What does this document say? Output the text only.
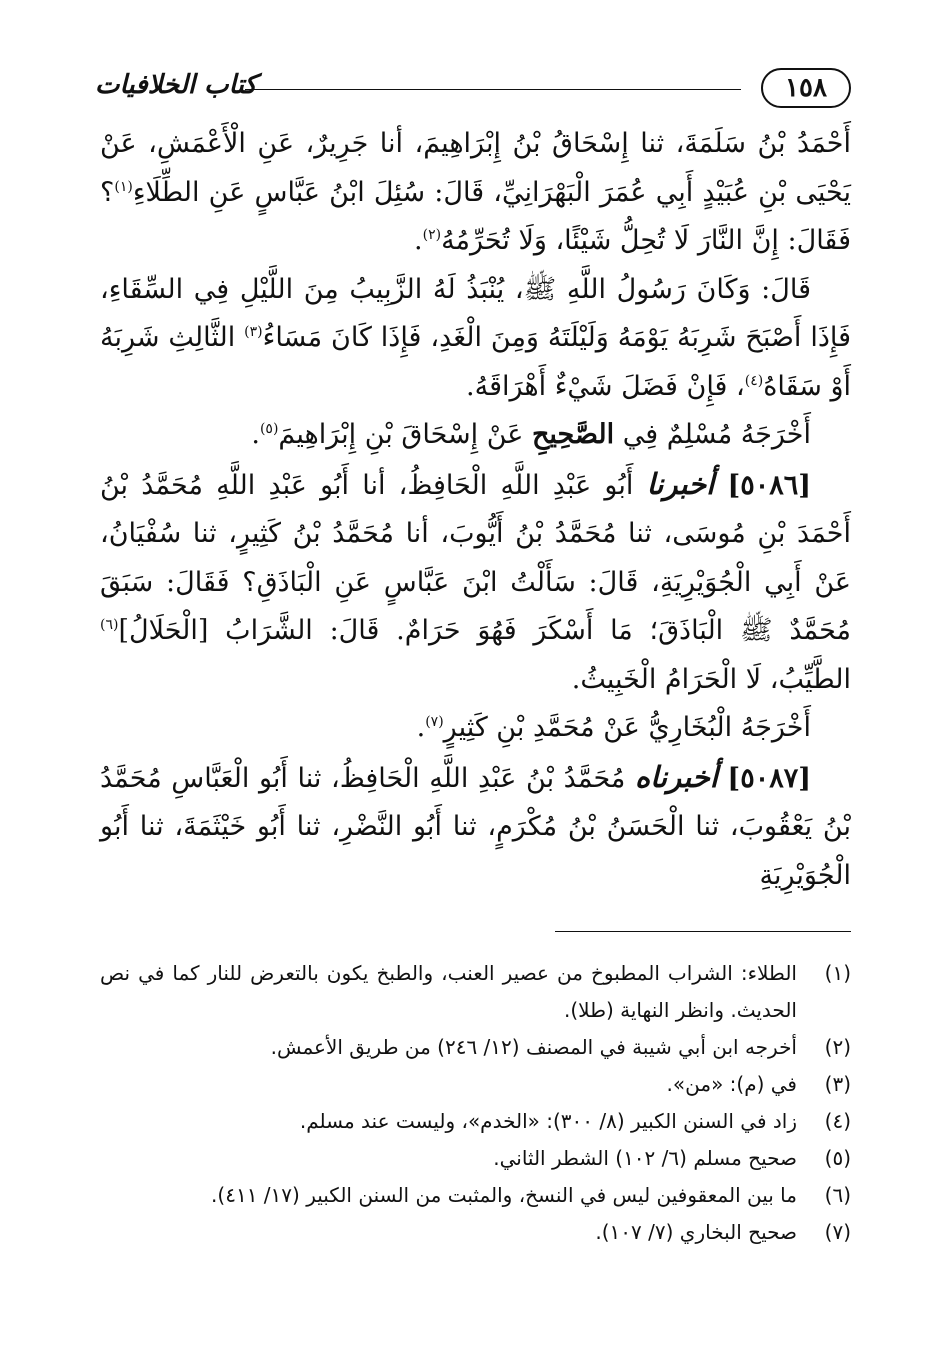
١٥٨
كتاب الخلافيات

أَحْمَدُ بْنُ سَلَمَةَ، ثنا إِسْحَاقُ بْنُ إِبْرَاهِيمَ، أنا جَرِيرٌ، عَنِ الْأَعْمَشِ، عَنْ يَحْيَى بْنِ عُبَيْدٍ أَبِي عُمَرَ الْبَهْرَانِيِّ، قَالَ: سُئِلَ ابْنُ عَبَّاسٍ عَنِ الطِّلَاءِ$^{(١)}$؟ فَقَالَ: إِنَّ النَّارَ لَا تُحِلُّ شَيْئًا، وَلَا تُحَرِّمُهُ$^{(٢)}$.

قَالَ: وَكَانَ رَسُولُ اللَّهِ ﷺ، يُنْبَذُ لَهُ الزَّبِيبُ مِنَ اللَّيْلِ فِي السِّقَاءِ، فَإِذَا أَصْبَحَ شَرِبَهُ يَوْمَهُ وَلَيْلَتَهُ وَمِنَ الْغَدِ، فَإِذَا كَانَ مَسَاءُ$^{(٣)}$ الثَّالِثِ شَرِبَهُ أَوْ سَقَاهُ$^{(٤)}$، فَإِنْ فَضَلَ شَيْءٌ أَهْرَاقَهُ.

أَخْرَجَهُ مُسْلِمٌ فِي الصَّحِيحِ عَنْ إِسْحَاقَ بْنِ إِبْرَاهِيمَ$^{(٥)}$.

[٥٠٨٦] أخبرنا أَبُو عَبْدِ اللَّهِ الْحَافِظُ، أنا أَبُو عَبْدِ اللَّهِ مُحَمَّدُ بْنُ أَحْمَدَ بْنِ مُوسَى، ثنا مُحَمَّدُ بْنُ أَيُّوبَ، أنا مُحَمَّدُ بْنُ كَثِيرٍ، ثنا سُفْيَانُ، عَنْ أَبِي الْجُوَيْرِيَةِ، قَالَ: سَأَلْتُ ابْنَ عَبَّاسٍ عَنِ الْبَاذَقِ؟ فَقَالَ: سَبَقَ مُحَمَّدٌ ﷺ الْبَاذَقَ؛ مَا أَسْكَرَ فَهُوَ حَرَامٌ. قَالَ: الشَّرَابُ [الْحَلَالُ]$^{(٦)}$ الطَّيِّبُ، لَا الْحَرَامُ الْخَبِيثُ.

أَخْرَجَهُ الْبُخَارِيُّ عَنْ مُحَمَّدِ بْنِ كَثِيرٍ$^{(٧)}$.

[٥٠٨٧] أخبرناه مُحَمَّدُ بْنُ عَبْدِ اللَّهِ الْحَافِظُ، ثنا أَبُو الْعَبَّاسِ مُحَمَّدُ بْنُ يَعْقُوبَ، ثنا الْحَسَنُ بْنُ مُكْرَمٍ، ثنا أَبُو النَّضْرِ، ثنا أَبُو خَيْثَمَةَ، ثنا أَبُو الْجُوَيْرِيَةِ

(١)
الطلاء: الشراب المطبوخ من عصير العنب، والطبخ يكون بالتعرض للنار كما في نص الحديث. وانظر النهاية (طلا).
(٢)
أخرجه ابن أبي شيبة في المصنف (١٢/ ٢٤٦) من طريق الأعمش.
(٣)
في (م): «من».
(٤)
زاد في السنن الكبير (٨/ ٣٠٠): «الخدم»، وليست عند مسلم.
(٥)
صحيح مسلم (٦/ ١٠٢) الشطر الثاني.
(٦)
ما بين المعقوفين ليس في النسخ، والمثبت من السنن الكبير (١٧/ ٤١١).
(٧)
صحيح البخاري (٧/ ١٠٧).
